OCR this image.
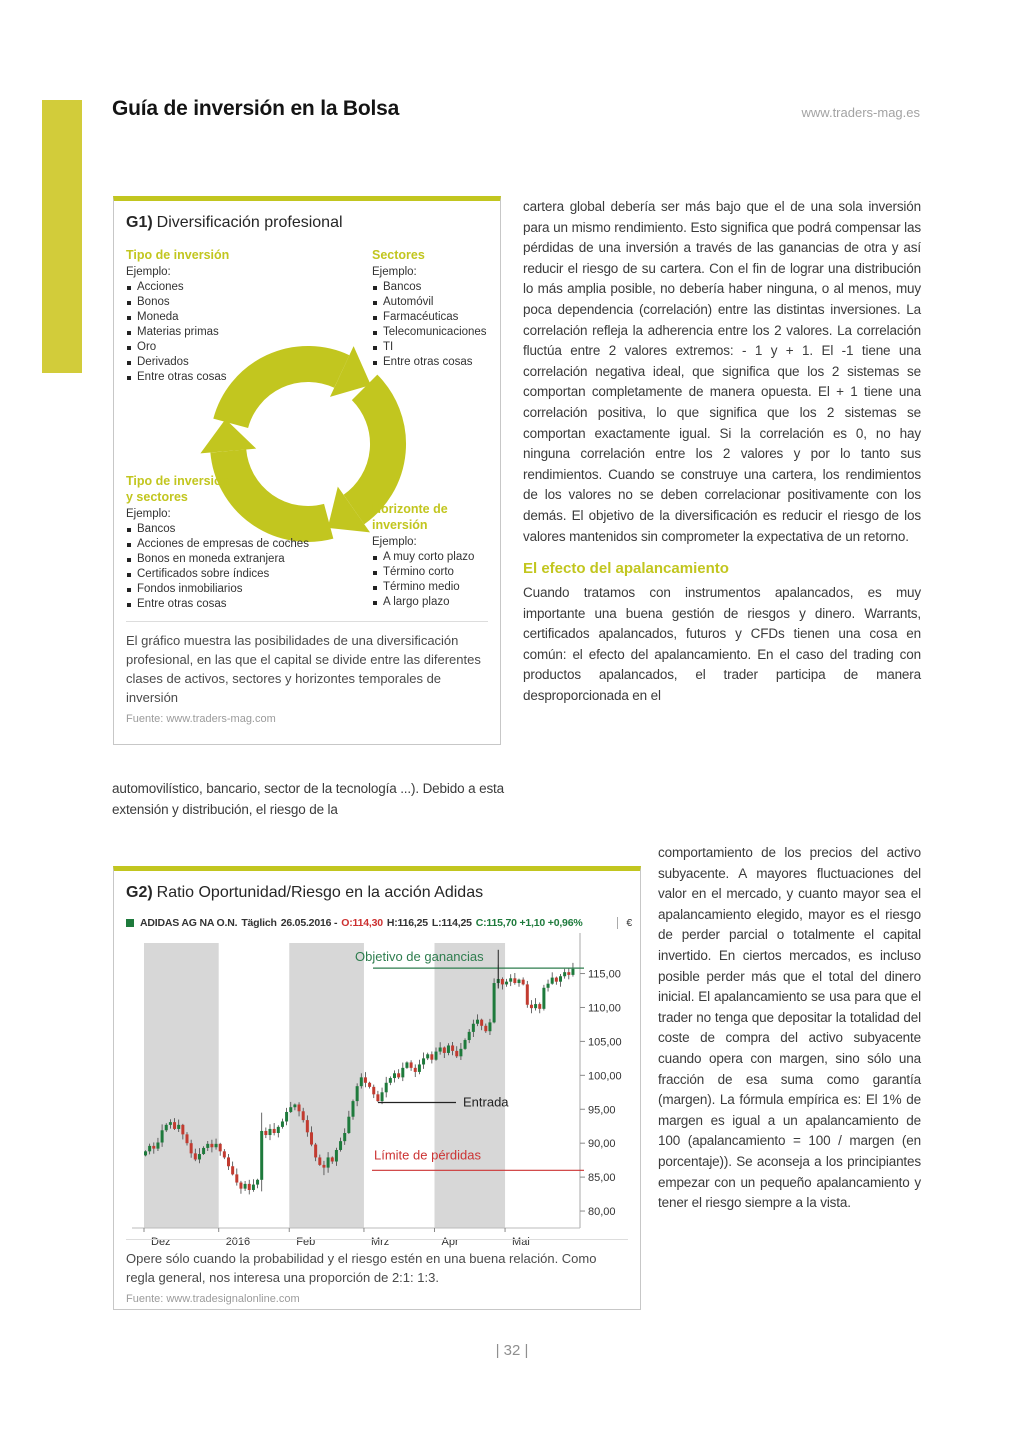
Guía de inversión en la Bolsa	www.traders-mag.es
G1) Diversificación profesional
Tipo de inversión

Ejemplo:

Acciones
Bonos
Moneda
Materias primas
Oro
Derivados
Entre otras cosas
Sectores

Ejemplo:

Bancos
Automóvil
Farmacéuticas
Telecomunicaciones
TI
Entre otras cosas
Tipo de inversión y sectores

Ejemplo:

Bancos
Acciones de empresas de coches
Bonos en moneda extranjera
Certificados sobre índices
Fondos inmobiliarios
Entre otras cosas
Horizonte de inversión

Ejemplo:

A muy corto plazo
Término corto
Término medio
A largo plazo
El gráfico muestra las posibilidades de una diversificación profesional, en las que el capital se divide entre las diferentes clases de activos, sectores y horizontes temporales de inversión
Fuente: www.traders-mag.com

automovilístico, bancario, sector de la tecnología ...). Debido a esta extensión y distribución, el riesgo de la

cartera global debería ser más bajo que el de una sola inversión para un mismo rendimiento. Esto significa que podrá compensar las pérdidas de una inversión a través de las ganancias de otra y así reducir el riesgo de su cartera. Con el fin de lograr una distribución lo más amplia posible, no debería haber ninguna, o al menos, muy poca dependencia (correlación) entre las distintas inversiones. La correlación refleja la adherencia entre los 2 valores. La correlación fluctúa entre 2 valores extremos: - 1 y + 1. El -1 tiene una correlación negativa ideal, que significa que los 2 sistemas se comportan completamente de manera opuesta. El + 1 tiene una correlación positiva, lo que significa que los 2 sistemas se comportan exactamente igual. Si la correlación es 0, no hay ninguna correlación entre los 2 valores y por lo tanto sus rendimientos. Cuando se construye una cartera, los rendimientos de los valores no se deben correlacionar positivamente con los demás. El objetivo de la diversificación es reducir el riesgo de los valores mantenidos sin comprometer la expectativa de un retorno.

El efecto del apalancamiento

Cuando tratamos con instrumentos apalancados, es muy importante una buena gestión de riesgos y dinero. Warrants, certificados apalancados, futuros y CFDs tienen una cosa en común: el efecto del apalancamiento. En el caso del trading con productos apalancados, el trader participa de manera desproporcionada en el

comportamiento de los precios del activo subyacente. A mayores fluctuaciones del valor en el mercado, y cuanto mayor sea el apalancamiento elegido, mayor es el riesgo de perder parcial o totalmente el capital invertido. En ciertos mercados, es incluso posible perder más que el total del dinero inicial. El apalancamiento se usa para que el trader no tenga que depositar la totalidad del coste de compra del activo subyacente cuando opera con margen, sino sólo una fracción de esa suma como garantía (margen). La fórmula empírica es: El 1% de margen es igual a un apalancamiento de 100 (apalancamiento = 100 / margen (en porcentaje)). Se aconseja a los principiantes empezar con un pequeño apalancamiento y tener el riesgo siempre a la vista.

G2) Ratio Oportunidad/Riesgo en la acción Adidas
ADIDAS AG NA O.N. Täglich 26.05.2016 - O:114,30 H:116,25 L:114,25 C:115,70 +1,10 +0,96%	€
115,00
110,00
105,00
100,00
95,00
90,00
85,00
80,00
Dez	2016	Feb	Mrz	Apr	Mai
Objetivo de ganancias
Entrada
Límite de pérdidas
Opere sólo cuando la probabilidad y el riesgo estén en una buena relación. Como regla general, nos interesa una proporción de 2:1: 1:3.
Fuente: www.tradesignalonline.com
| 32 |
